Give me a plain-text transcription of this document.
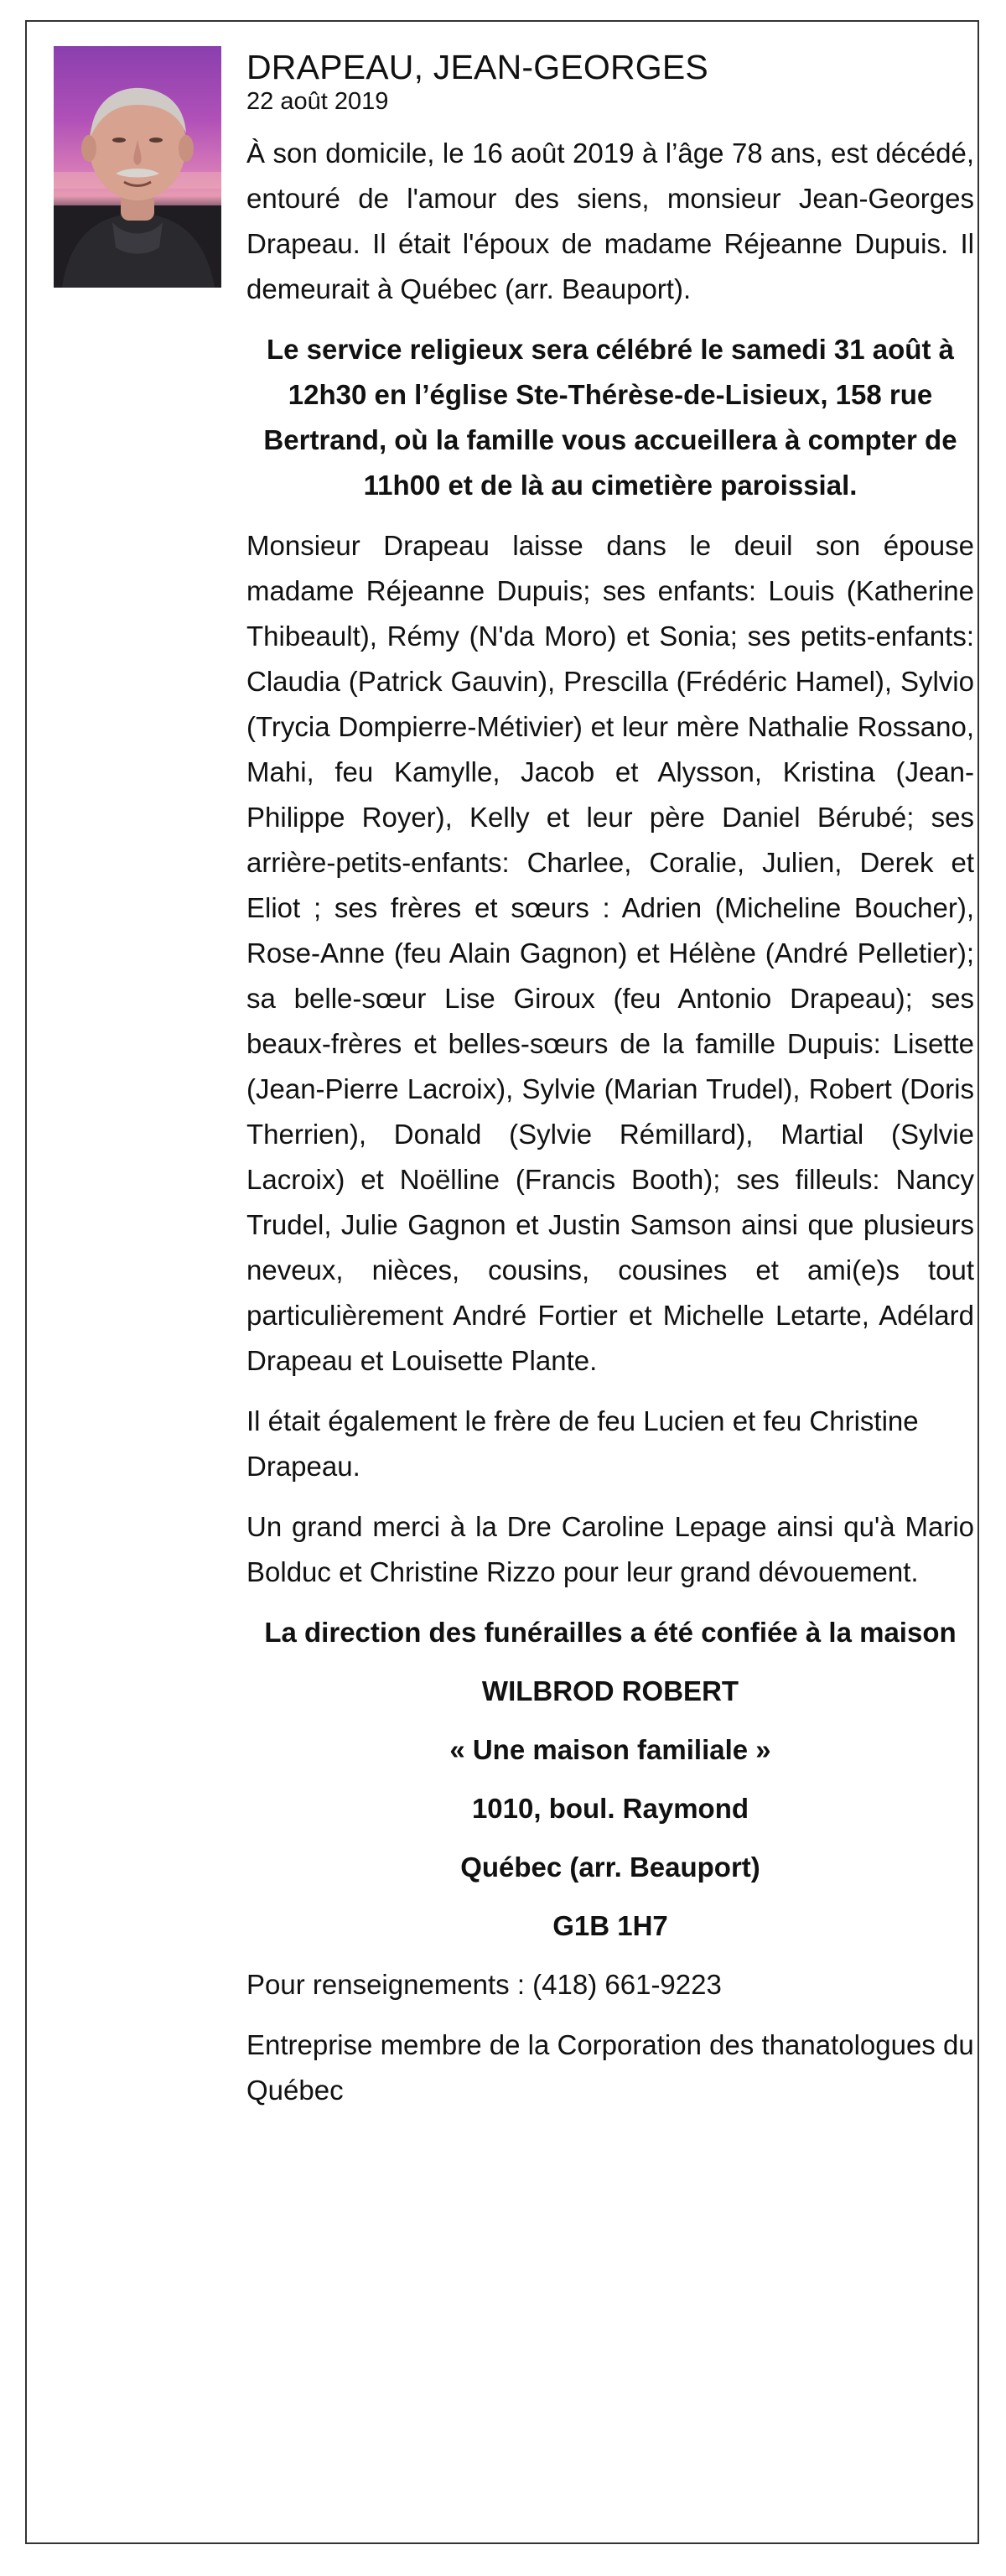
DRAPEAU, JEAN-GEORGES
22 août 2019

À son domicile, le 16 août 2019 à l’âge 78 ans, est décédé, entouré de l'amour des siens, monsieur Jean-Georges Drapeau. Il était l'époux de madame Réjeanne Dupuis. Il demeurait à Québec (arr. Beauport).

Le service religieux sera célébré le samedi 31 août à 12h30 en l’église Ste-Thérèse-de-Lisieux, 158 rue Bertrand, où la famille vous accueillera à compter de 11h00 et de là au cimetière paroissial.

Monsieur Drapeau laisse dans le deuil son épouse madame Réjeanne Dupuis; ses enfants: Louis (Katherine Thibeault), Rémy (N'da Moro) et Sonia; ses petits-enfants: Claudia (Patrick Gauvin), Prescilla (Frédéric Hamel), Sylvio (Trycia Dompierre-Métivier) et leur mère Nathalie Rossano, Mahi, feu Kamylle, Jacob et Alysson, Kristina (Jean-Philippe Royer), Kelly et leur père Daniel Bérubé; ses arrière-petits-enfants: Charlee, Coralie, Julien, Derek et Eliot ; ses frères et sœurs : Adrien (Micheline Boucher), Rose-Anne (feu Alain Gagnon) et Hélène (André Pelletier); sa belle-sœur Lise Giroux (feu Antonio Drapeau); ses beaux-frères et belles-sœurs de la famille Dupuis: Lisette (Jean-Pierre Lacroix), Sylvie (Marian Trudel), Robert (Doris Therrien), Donald (Sylvie Rémillard), Martial (Sylvie Lacroix) et Noëlline (Francis Booth); ses filleuls: Nancy Trudel, Julie Gagnon et Justin Samson ainsi que plusieurs neveux, nièces, cousins, cousines et ami(e)s tout particulièrement André Fortier et Michelle Letarte, Adélard Drapeau et Louisette Plante.

Il était également le frère de feu Lucien et feu Christine Drapeau.

Un grand merci à la Dre Caroline Lepage ainsi qu'à Mario Bolduc et Christine Rizzo pour leur grand dévouement.

La direction des funérailles a été confiée à la maison

WILBROD ROBERT

« Une maison familiale »

1010, boul. Raymond

Québec (arr. Beauport)

G1B 1H7

Pour renseignements : (418) 661-9223

Entreprise membre de la Corporation des thanatologues du Québec
